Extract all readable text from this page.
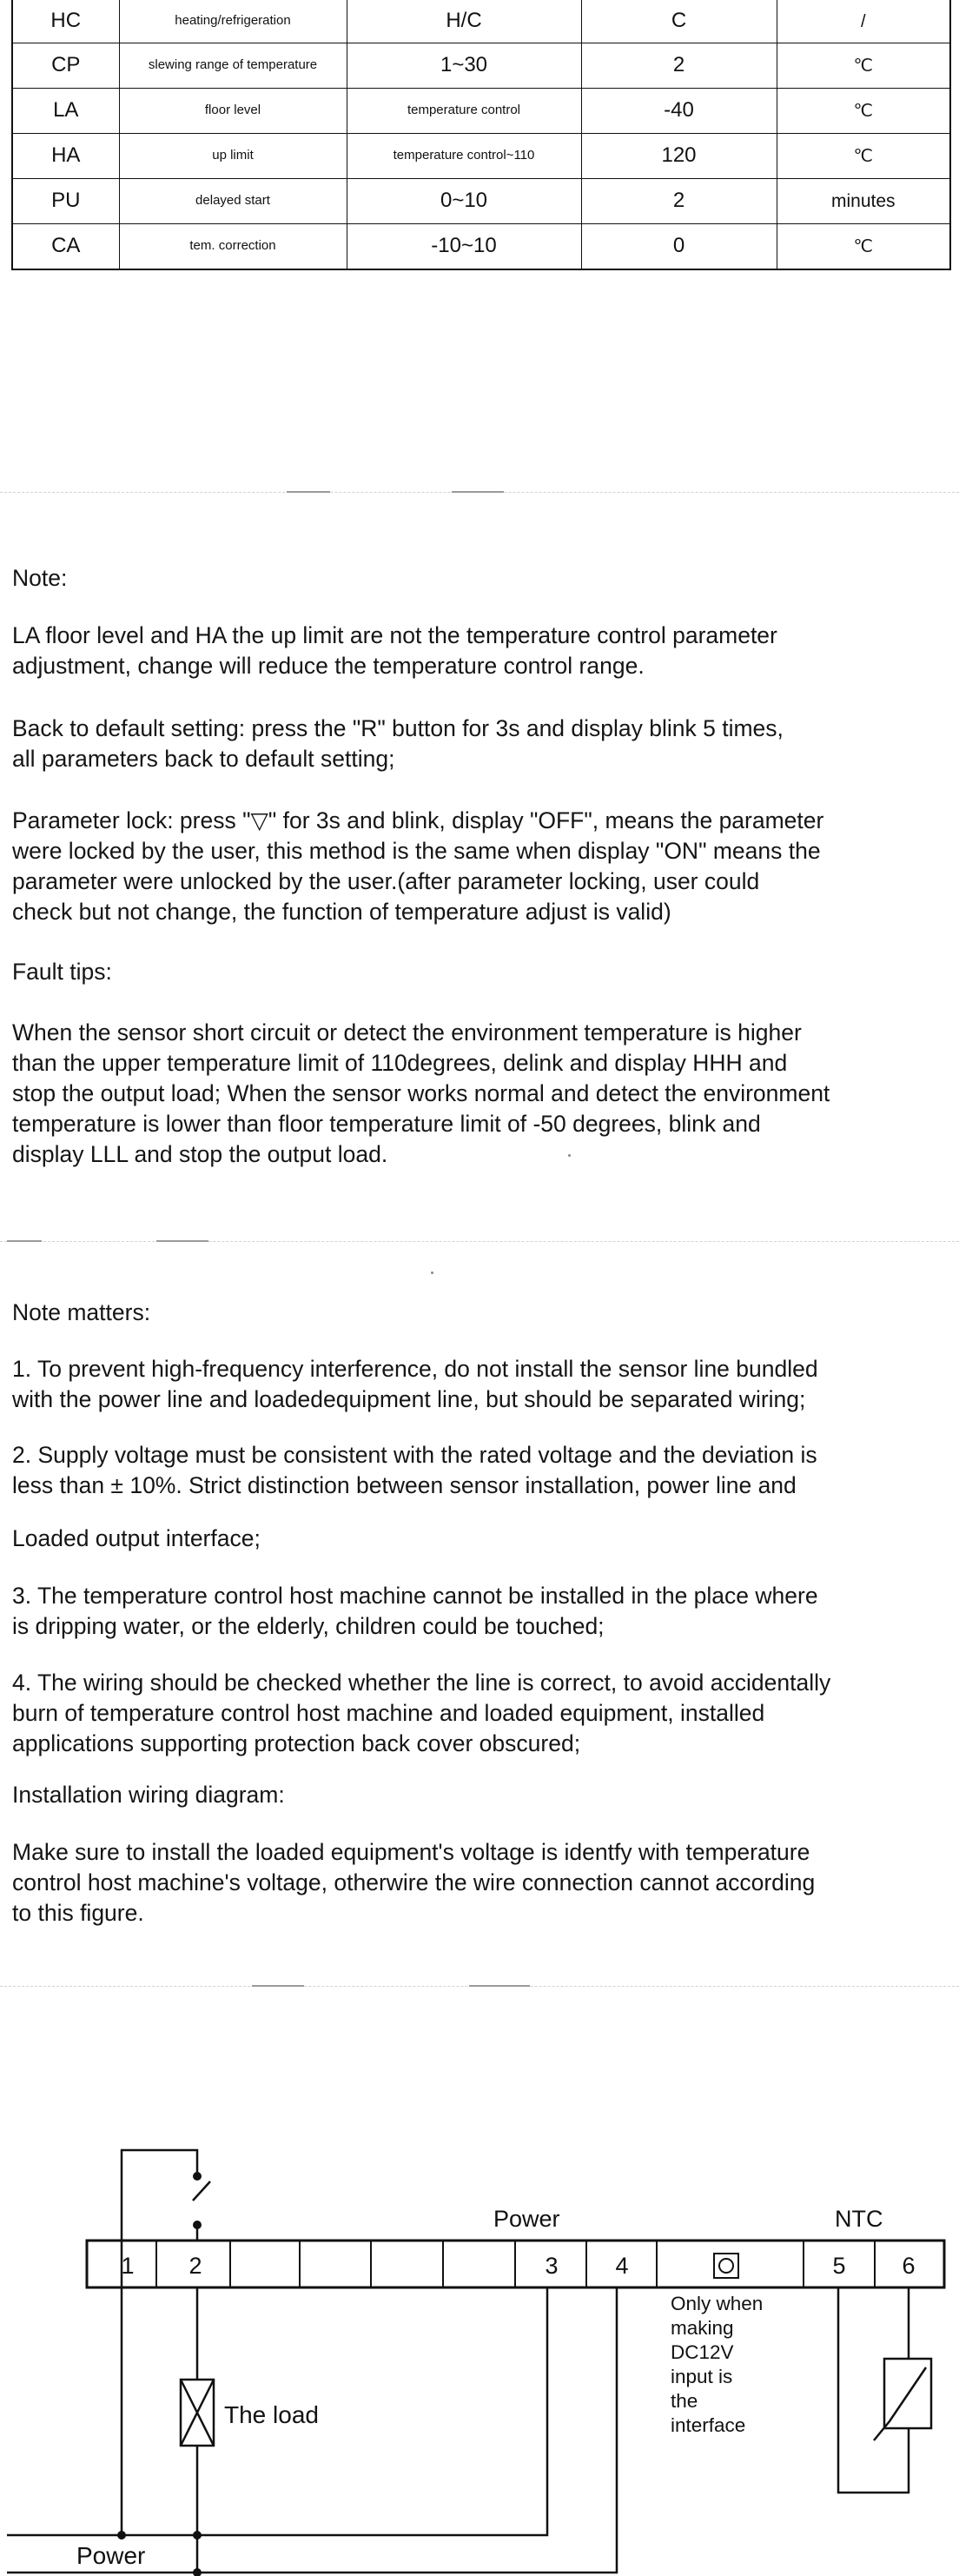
HC	heating/refrigeration	H/C	C	/
CP	slewing range of temperature	1~30	2	℃
LA	floor level	temperature control	-40	℃
HA	up limit	temperature control~110	120	℃
PU	delayed start	0~10	2	minutes
CA	tem. correction	-10~10	0	℃

Note:

LA floor level and HA the up limit are not the temperature control parameter
adjustment, change will reduce the temperature control range.

Back to default setting: press the "R" button for 3s and display blink 5 times,
all parameters back to default setting;

Parameter lock: press "▽" for 3s and blink, display "OFF", means the parameter
were locked by the user, this method is the same when display "ON" means the
parameter were unlocked by the user.(after parameter locking, user could
check but not change, the function of temperature adjust is valid)

Fault tips:

When the sensor short circuit or detect the environment temperature is higher
than the upper temperature limit of 110degrees, delink and display HHH and
stop the output load; When the sensor works normal and detect the environment
temperature is lower than floor temperature limit of -50 degrees, blink and
display LLL and stop the output load.

Note matters:

1. To prevent high-frequency interference, do not install the sensor line bundled
with the power line and loadedequipment line, but should be separated wiring;

2. Supply voltage must be consistent with the rated voltage and the deviation is
less than ± 10%. Strict distinction between sensor installation, power line and

Loaded output interface;

3. The temperature control host machine cannot be installed in the place where
is dripping water, or the elderly, children could be touched;

4. The wiring should be checked whether the line is correct, to avoid accidentally
burn of temperature control host machine and loaded equipment, installed
applications supporting protection back cover obscured;

Installation wiring diagram:

Make sure to install the loaded equipment's voltage is identfy with temperature
control host machine's voltage, otherwire the wire connection cannot according
to this figure.

Power	NTC
1 2	3 4	5 6
The load
Only when making DC12V input is the interface
Power
